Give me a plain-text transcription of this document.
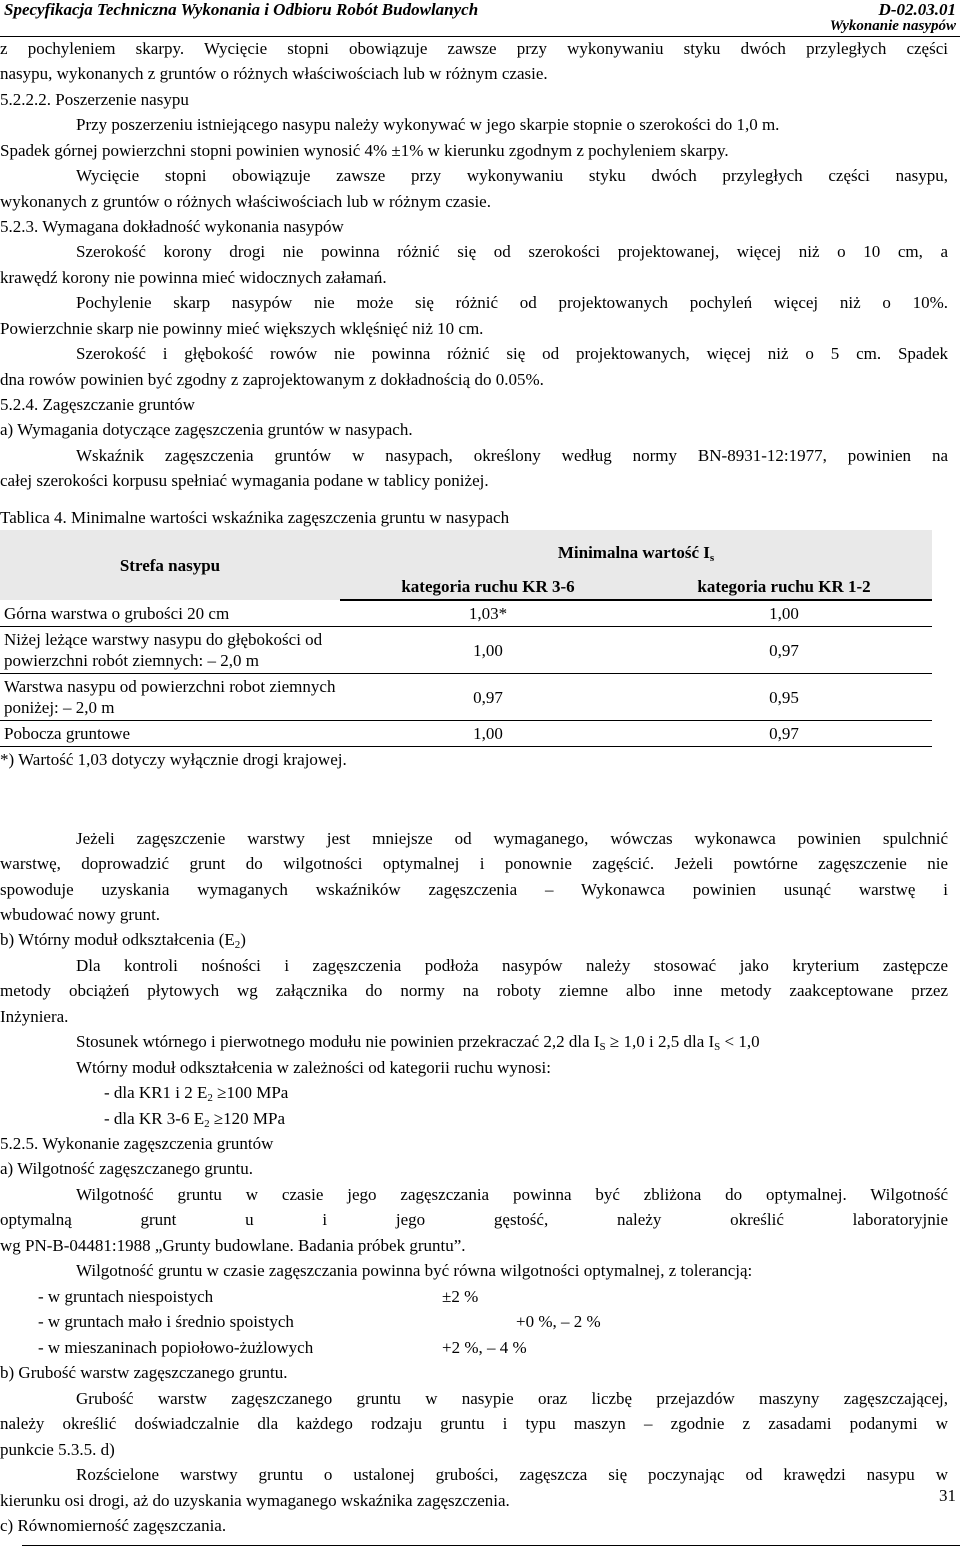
Specyfikacja Techniczna Wykonania i Odbioru Robót Budowlanych	D-02.03.01
Wykonanie nasypów
z pochyleniem skarpy. Wycięcie stopni obowiązuje zawsze przy wykonywaniu styku dwóch przyległych części
nasypu, wykonanych z gruntów o różnych właściwościach lub w różnym czasie.
5.2.2.2. Poszerzenie nasypu
Przy poszerzeniu istniejącego nasypu należy wykonywać w jego skarpie stopnie o szerokości do 1,0 m.
Spadek górnej powierzchni stopni powinien wynosić 4% ±1% w kierunku zgodnym z pochyleniem skarpy.
Wycięcie stopni obowiązuje zawsze przy wykonywaniu styku dwóch przyległych części nasypu,
wykonanych z gruntów o różnych właściwościach lub w różnym czasie.
5.2.3. Wymagana dokładność wykonania nasypów
Szerokość korony drogi nie powinna różnić się od szerokości projektowanej, więcej niż o 10 cm, a
krawędź korony nie powinna mieć widocznych załamań.
Pochylenie skarp nasypów nie może się różnić od projektowanych pochyleń więcej niż o 10%.
Powierzchnie skarp nie powinny mieć większych wklęśnięć niż 10 cm.
Szerokość i głębokość rowów nie powinna różnić się od projektowanych, więcej niż o 5 cm. Spadek
dna rowów powinien być zgodny z zaprojektowanym z dokładnością do 0.05%.
5.2.4. Zagęszczanie gruntów
a) Wymagania dotyczące zagęszczenia gruntów w nasypach.
Wskaźnik zagęszczenia gruntów w nasypach, określony według normy BN-8931-12:1977, powinien na
całej szerokości korpusu spełniać wymagania podane w tablicy poniżej.
Tablica 4. Minimalne wartości wskaźnika zagęszczenia gruntu w nasypach
Strefa nasypu	Minimalna wartość $I_s$
	kategoria ruchu KR 3-6	kategoria ruchu KR 1-2
Górna warstwa o grubości 20 cm	1,03*	1,00
Niżej leżące warstwy nasypu do głębokości od powierzchni robót ziemnych: – 2,0 m	1,00	0,97
Warstwa nasypu od powierzchni robot ziemnych poniżej: – 2,0 m	0,97	0,95
Pobocza gruntowe	1,00	0,97
*) Wartość 1,03 dotyczy wyłącznie drogi krajowej.
Jeżeli zagęszczenie warstwy jest mniejsze od wymaganego, wówczas wykonawca powinien spulchnić
warstwę, doprowadzić grunt do wilgotności optymalnej i ponownie zagęścić. Jeżeli powtórne zagęszczenie nie
spowoduje uzyskania wymaganych wskaźników zagęszczenia – Wykonawca powinien usunąć warstwę i
wbudować nowy grunt.
b) Wtórny moduł odkształcenia $(E_2)$
Dla kontroli nośności i zagęszczenia podłoża nasypów należy stosować jako kryterium zastępcze
metody obciążeń płytowych wg załącznika do normy na roboty ziemne albo inne metody zaakceptowane przez
Inżyniera.
Stosunek wtórnego i pierwotnego modułu nie powinien przekraczać 2,2 dla $I_S \ge 1,0$ i 2,5 dla $I_S < 1,0$
Wtórny moduł odkształcenia w zależności od kategorii ruchu wynosi:
- dla KR1 i 2 $E_2 \ge 100$ MPa
- dla KR 3-6 $E_2 \ge 120$ MPa
5.2.5. Wykonanie zagęszczenia gruntów
a) Wilgotność zagęszczanego gruntu.
Wilgotność gruntu w czasie jego zagęszczania powinna być zbliżona do optymalnej. Wilgotność
optymalną grunt u i jego gęstość, należy określić laboratoryjnie
wg PN-B-04481:1988 „Grunty budowlane. Badania próbek gruntu”.
Wilgotność gruntu w czasie zagęszczania powinna być równa wilgotności optymalnej, z tolerancją:
- w gruntach niespoistych	±2 %
- w gruntach mało i średnio spoistych	+0 %, – 2 %
- w mieszaninach popiołowo-żużlowych	+2 %, – 4 %
b) Grubość warstw zagęszczanego gruntu.
Grubość warstw zagęszczanego gruntu w nasypie oraz liczbę przejazdów maszyny zagęszczającej,
należy określić doświadczalnie dla każdego rodzaju gruntu i typu maszyn – zgodnie z zasadami podanymi w
punkcie 5.3.5. d)
Rozścielone warstwy gruntu o ustalonej grubości, zagęszcza się poczynając od krawędzi nasypu w
kierunku osi drogi, aż do uzyskania wymaganego wskaźnika zagęszczenia.
c) Równomierność zagęszczania.
31
